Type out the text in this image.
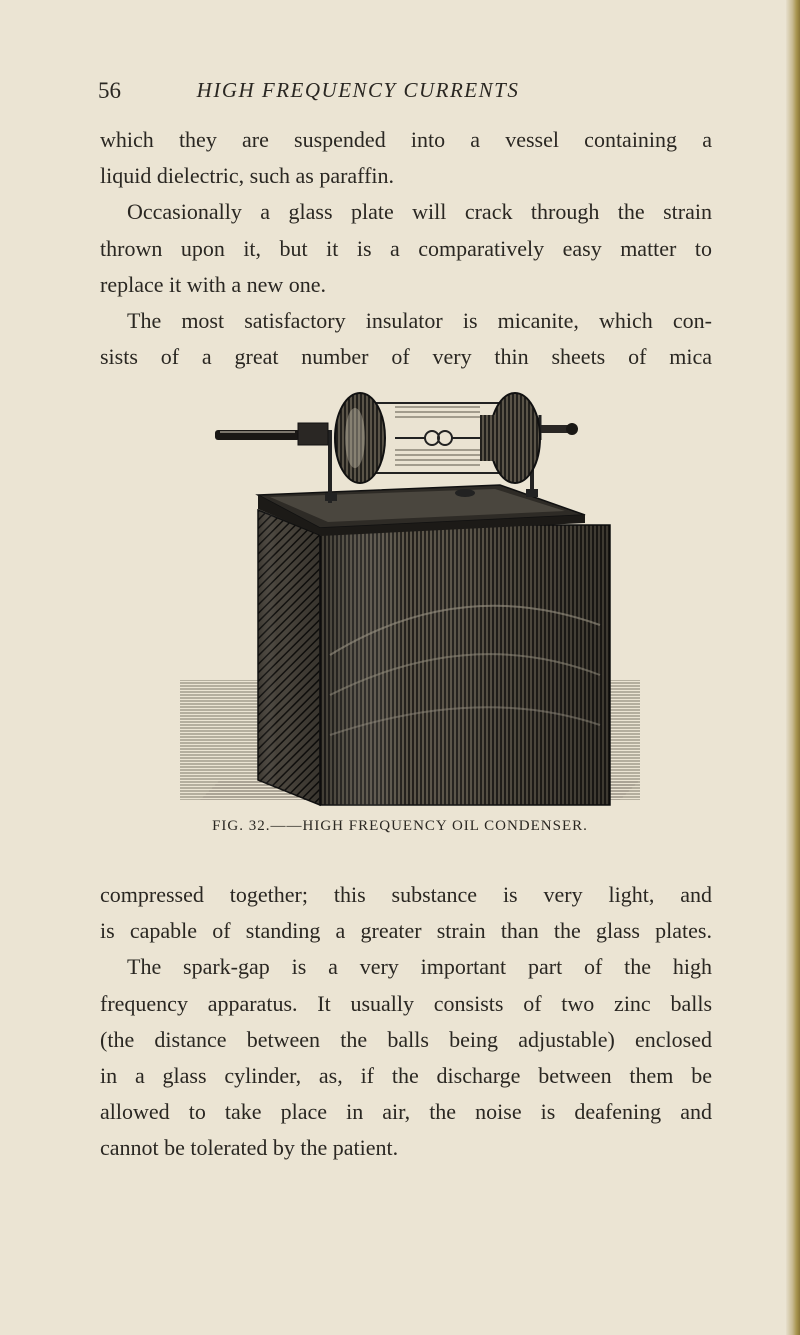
56	HIGH FREQUENCY CURRENTS

which they are suspended into a vessel containing a

liquid dielectric, such as paraffin.

Occasionally a glass plate will crack through the strain

thrown upon it, but it is a comparatively easy matter to

replace it with a new one.

The most satisfactory insulator is micanite, which con-

sists of a great number of very thin sheets of mica

FIG. 32.——HIGH FREQUENCY OIL CONDENSER.

compressed together; this substance is very light, and

is capable of standing a greater strain than the glass plates.

The spark-gap is a very important part of the high

frequency apparatus. It usually consists of two zinc balls

(the distance between the balls being adjustable) enclosed

in a glass cylinder, as, if the discharge between them be

allowed to take place in air, the noise is deafening and

cannot be tolerated by the patient.
